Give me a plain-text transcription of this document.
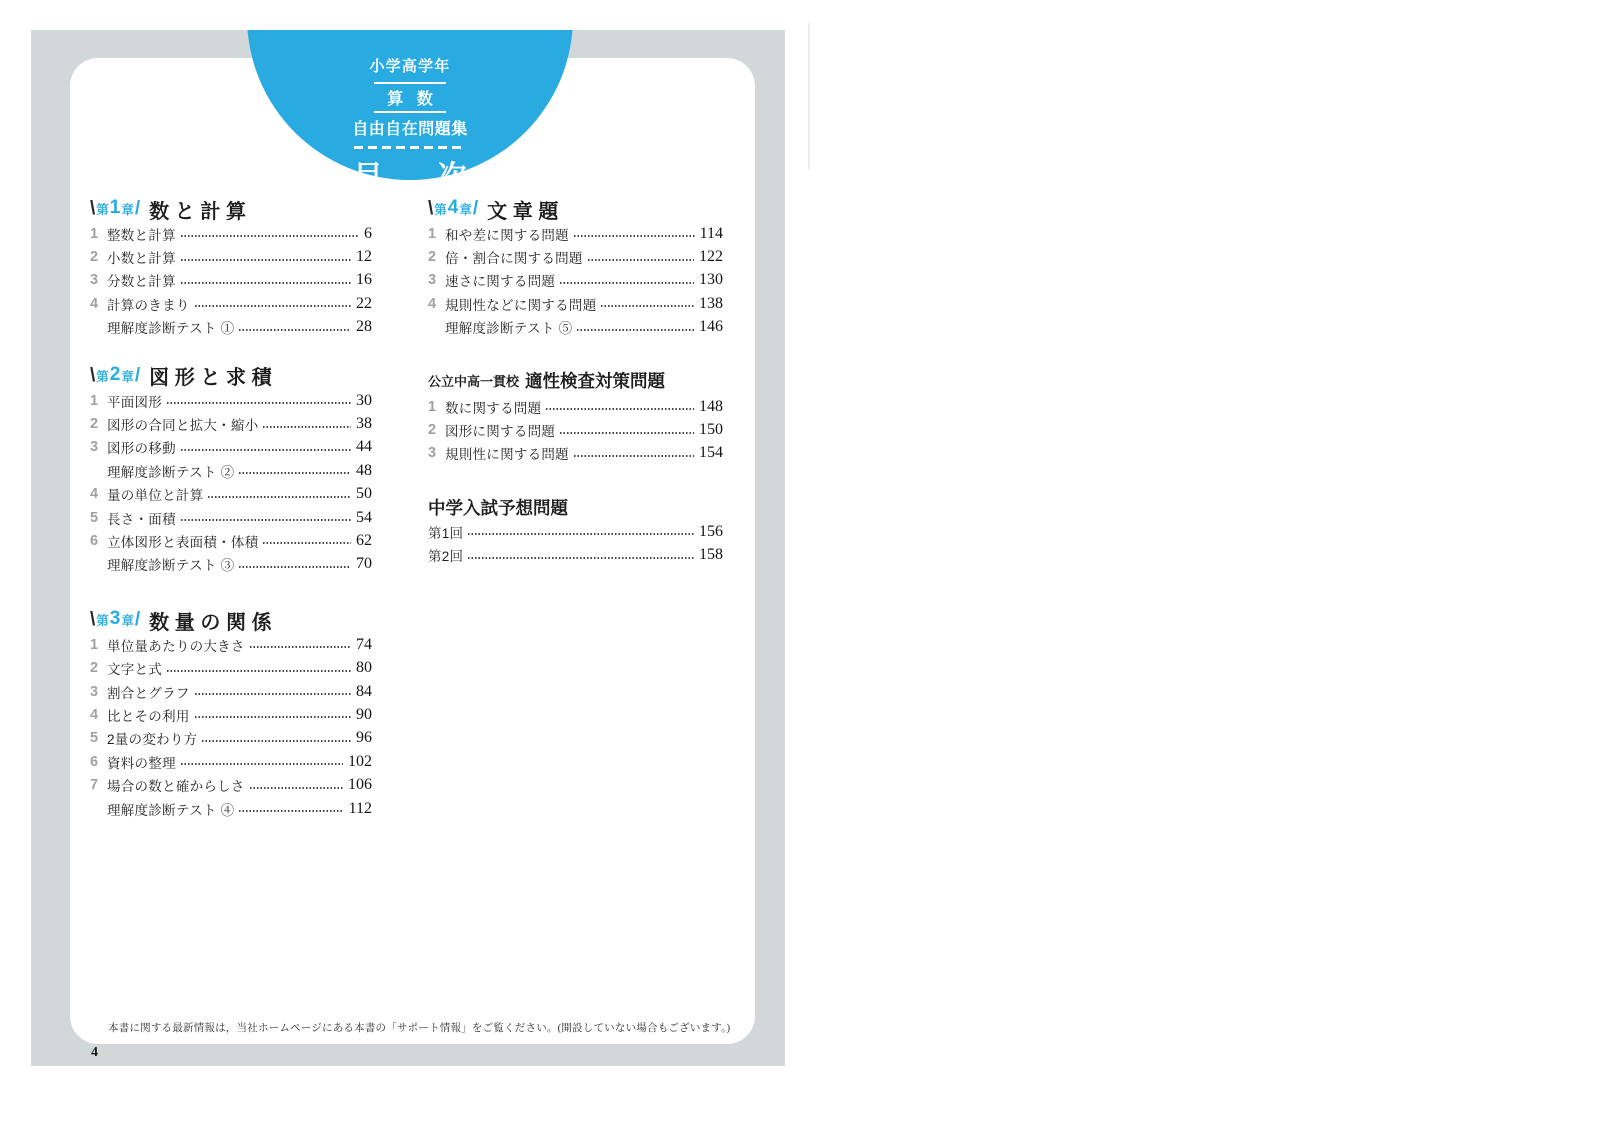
小学高学年
算数
自由自在問題集
目次
\ 第 1 章 / 数と計算
1 整数と計算	6
2 小数と計算	12
3 分数と計算	16
4 計算のきまり	22
理解度診断テスト ①	28
\ 第 2 章 / 図形と求積
1 平面図形	30
2 図形の合同と拡大・縮小	38
3 図形の移動	44
理解度診断テスト ②	48
4 量の単位と計算	50
5 長さ・面積	54
6 立体図形と表面積・体積	62
理解度診断テスト ③	70
\ 第 3 章 / 数量の関係
1 単位量あたりの大きさ	74
2 文字と式	80
3 割合とグラフ	84
4 比とその利用	90
5 2量の変わり方	96
6 資料の整理	102
7 場合の数と確からしさ	106
理解度診断テスト ④	112
\ 第 4 章 / 文章題
1 和や差に関する問題	114
2 倍・割合に関する問題	122
3 速さに関する問題	130
4 規則性などに関する問題	138
理解度診断テスト ⑤	146
公立中高一貫校 適性検査対策問題
1 数に関する問題	148
2 図形に関する問題	150
3 規則性に関する問題	154
中学入試予想問題
第1回	156
第2回	158
本書に関する最新情報は，当社ホームページにある本書の「サポート情報」をご覧ください。(開設していない場合もございます。)
4
